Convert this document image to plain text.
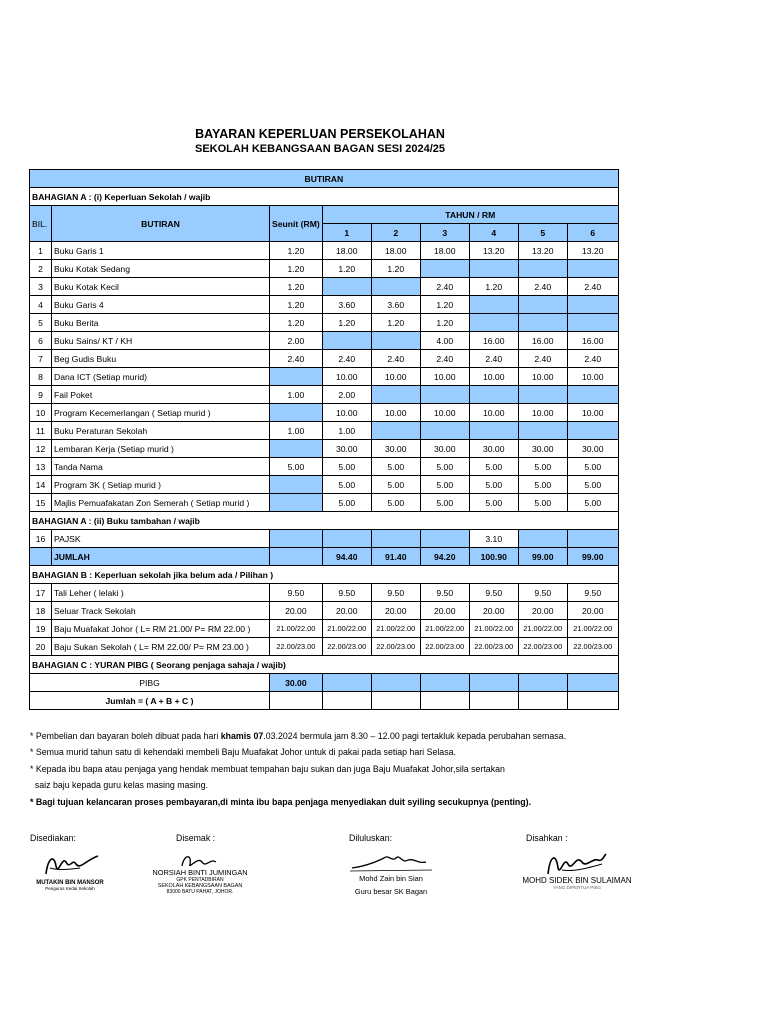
BAYARAN KEPERLUAN PERSEKOLAHAN
SEKOLAH KEBANGSAAN BAGAN SESI 2024/25
BUTIRAN								
BAHAGIAN A : (i) Keperluan Sekolah / wajib								
BIL.	BUTIRAN	Seunit (RM)	TAHUN / RM					
			1	2	3	4	5	6
1	Buku Garis 1	1.20	18.00	18.00	18.00	13.20	13.20	13.20
2	Buku Kotak Sedang	1.20	1.20	1.20				
3	Buku Kotak Kecil	1.20			2.40	1.20	2.40	2.40
4	Buku Garis 4	1.20	3.60	3.60	1.20			
5	Buku Berita	1.20	1.20	1.20	1.20			
6	Buku Sains/ KT / KH	2.00			4.00	16.00	16.00	16.00
7	Beg Gudis Buku	2.40	2.40	2.40	2.40	2.40	2.40	2.40
8	Dana ICT (Setiap murid)		10.00	10.00	10.00	10.00	10.00	10.00
9	Fail Poket	1.00	2.00					
10	Program Kecemerlangan ( Setiap murid )		10.00	10.00	10.00	10.00	10.00	10.00
11	Buku Peraturan Sekolah	1.00	1.00					
12	Lembaran Kerja (Setiap murid )		30.00	30.00	30.00	30.00	30.00	30.00
13	Tanda Nama	5.00	5.00	5.00	5.00	5.00	5.00	5.00
14	Program 3K ( Setiap murid )		5.00	5.00	5.00	5.00	5.00	5.00
15	Majlis Pemuafakatan Zon Semerah ( Setiap murid )		5.00	5.00	5.00	5.00	5.00	5.00
BAHAGIAN A : (ii) Buku tambahan / wajib								
16	PAJSK					3.10		
	JUMLAH		94.40	91.40	94.20	100.90	99.00	99.00
BAHAGIAN B : Keperluan sekolah jika belum ada / Pilihan )								
17	Tali Leher ( lelaki )	9.50	9.50	9.50	9.50	9.50	9.50	9.50
18	Seluar Track Sekolah	20.00	20.00	20.00	20.00	20.00	20.00	20.00
19	Baju Muafakat Johor ( L= RM 21.00/ P= RM 22.00 )	21.00/22.00	21.00/22.00	21.00/22.00	21.00/22.00	21.00/22.00	21.00/22.00	21.00/22.00
20	Baju Sukan Sekolah ( L= RM 22.00/ P= RM 23.00 )	22.00/23.00	22.00/23.00	22.00/23.00	22.00/23.00	22.00/23.00	22.00/23.00	22.00/23.00
BAHAGIAN C : YURAN PIBG ( Seorang penjaga sahaja / wajib)								
PIBG		30.00						
Jumlah = ( A + B + C )								
* Pembelian dan bayaran boleh dibuat pada hari khamis 07.03.2024 bermula jam 8.30 – 12.00 pagi tertakluk kepada perubahan semasa.
* Semua murid tahun satu di kehendaki membeli Baju Muafakat Johor untuk di pakai pada setiap hari Selasa.
* Kepada ibu bapa atau penjaga yang hendak membuat tempahan baju sukan dan juga Baju Muafakat Johor,sila sertakan
saiz baju kepada guru kelas masing masing.
* Bagi tujuan kelancaran proses pembayaran,di minta ibu bapa penjaga menyediakan duit syiling secukupnya (penting).
Disediakan:	Disemak :	Diluluskan:	Disahkan :
MUTAKIN BIN MANSOR
Pengurus Kedai Sekolah
NORSIAH BINTI JUMINGAN
GPK PENTADBIRAN
SEKOLAH KEBANGSAAN BAGAN
83000 BATU PAHAT, JOHOR.
Mohd Zain bin Sian
Guru besar SK Bagan
MOHD SIDEK BIN SULAIMAN
YANG DIPERTUA PIBG
